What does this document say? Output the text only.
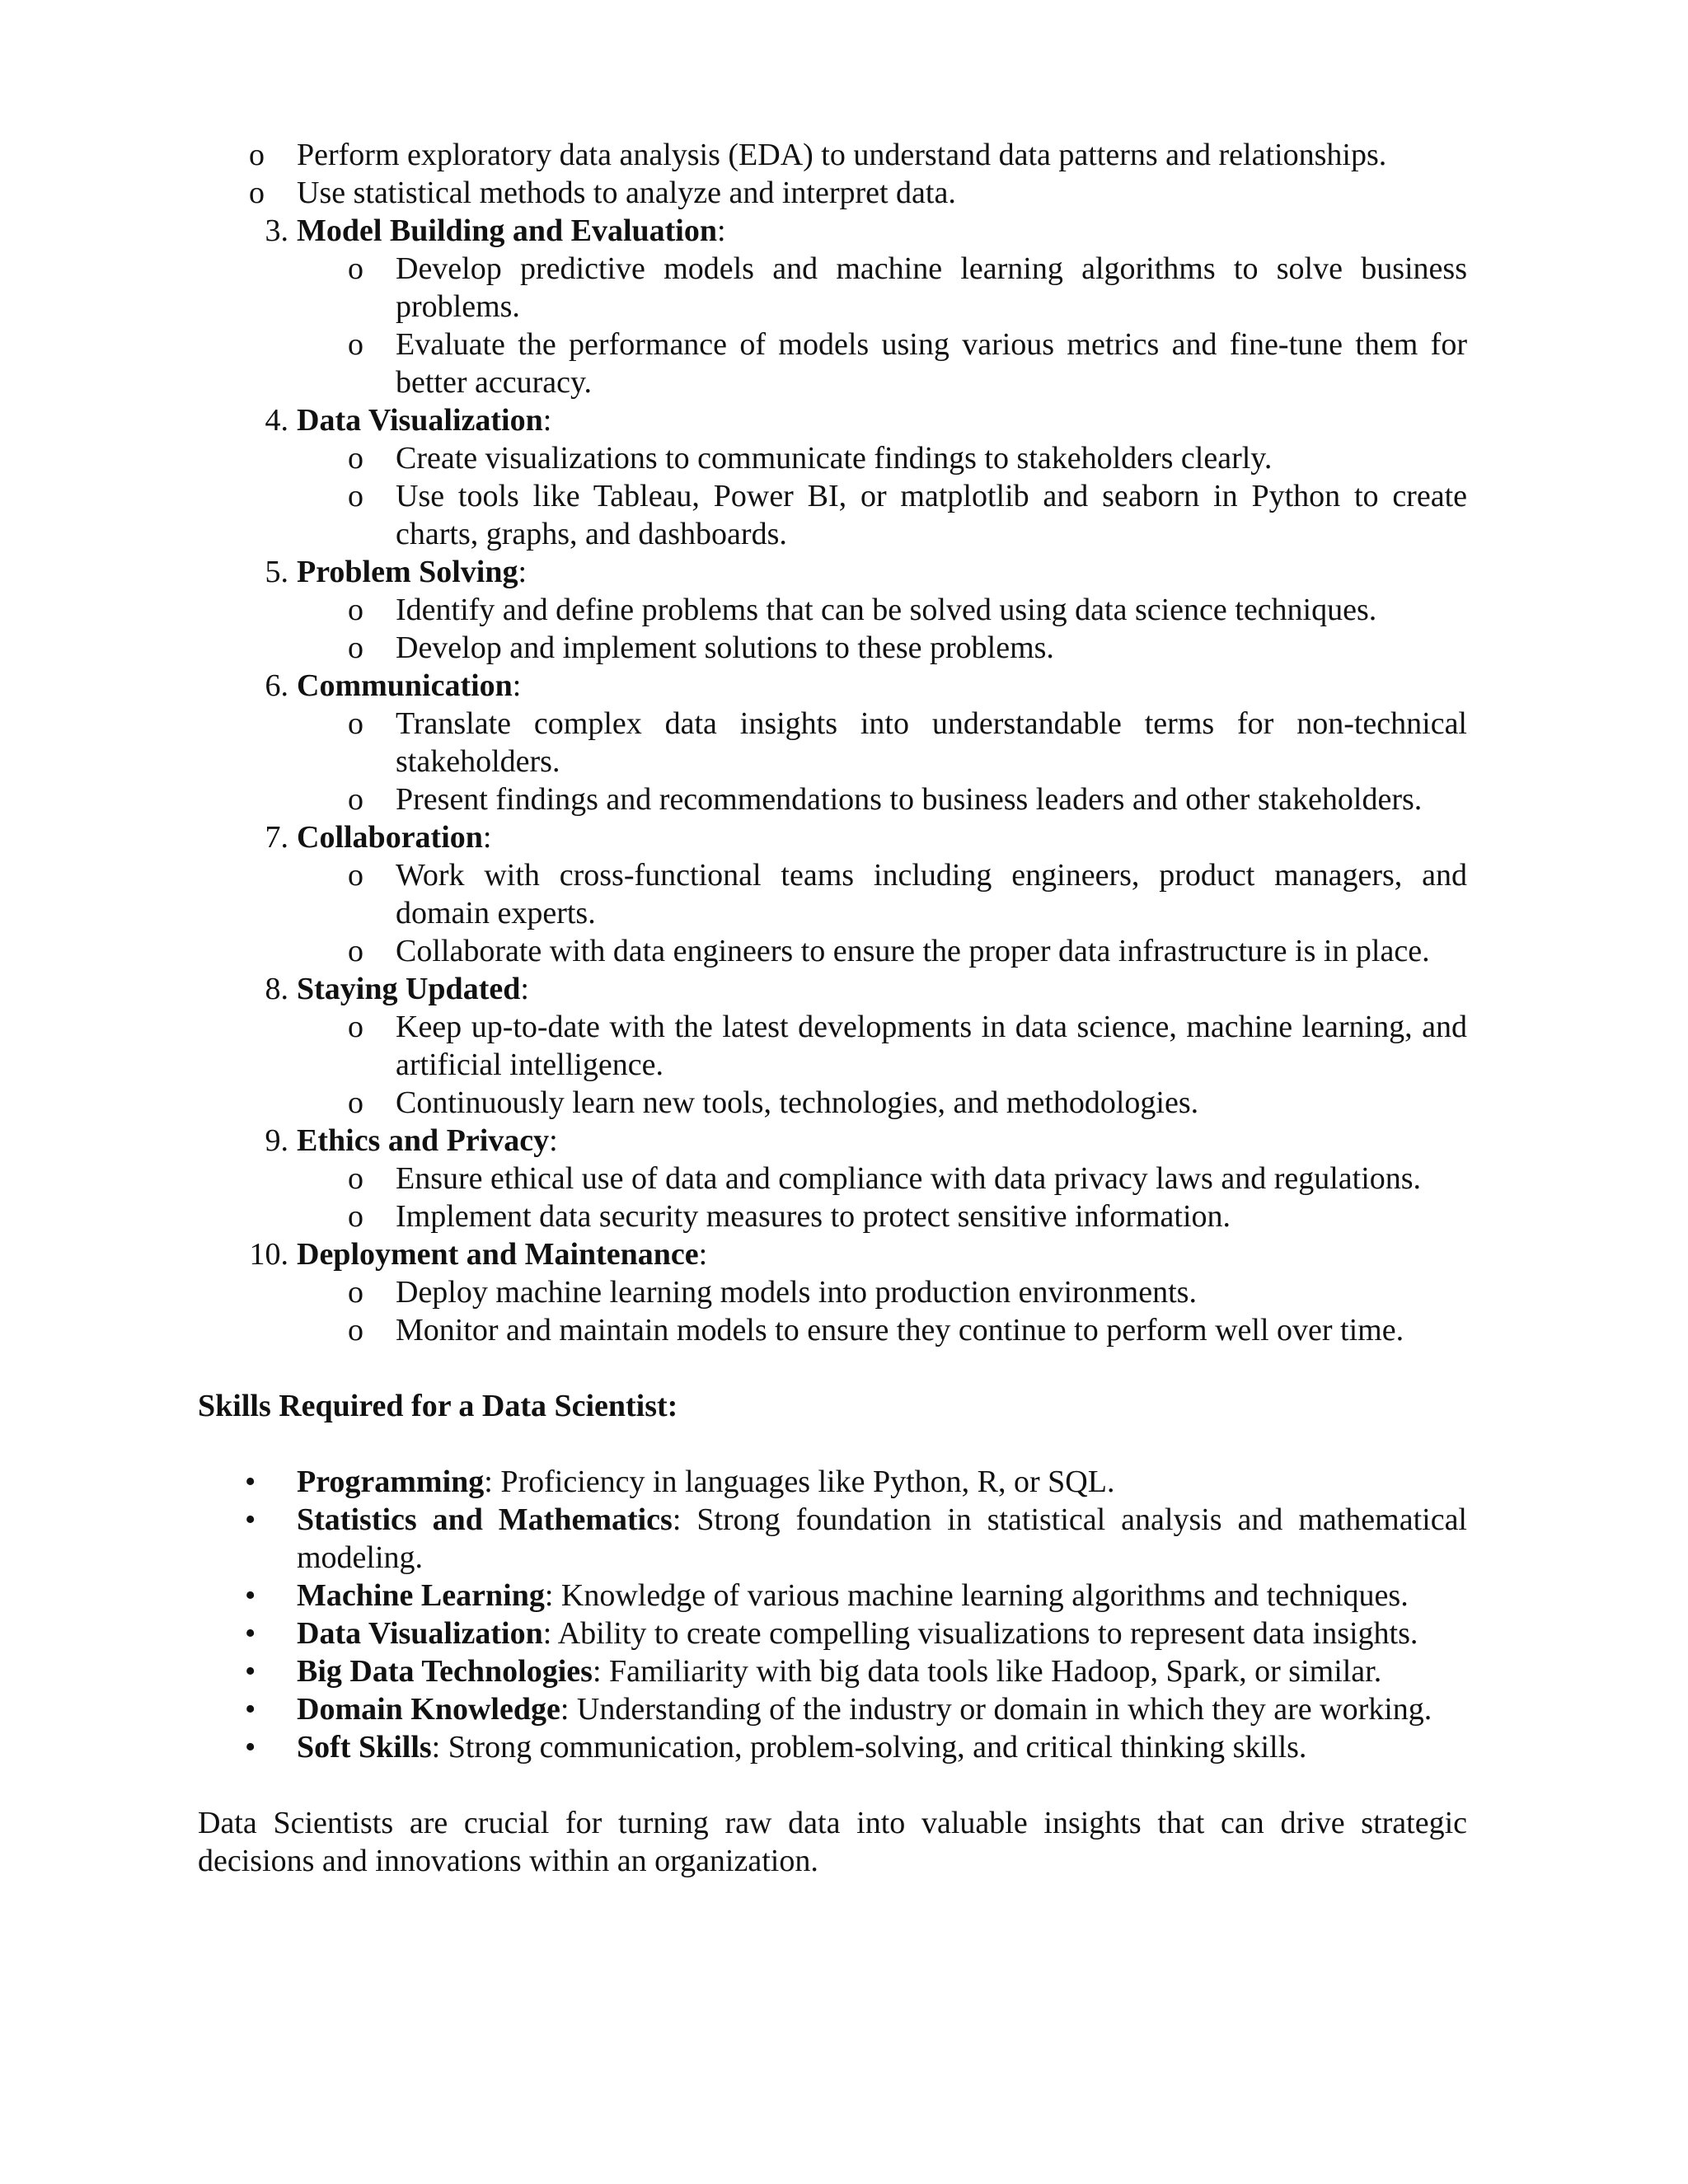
o Perform exploratory data analysis (EDA) to understand data patterns and relationships.
o Use statistical methods to analyze and interpret data.
3. Model Building and Evaluation:
o Develop predictive models and machine learning algorithms to solve business problems.
o Evaluate the performance of models using various metrics and fine-tune them for better accuracy.
4. Data Visualization:
o Create visualizations to communicate findings to stakeholders clearly.
o Use tools like Tableau, Power BI, or matplotlib and seaborn in Python to create charts, graphs, and dashboards.
5. Problem Solving:
o Identify and define problems that can be solved using data science techniques.
o Develop and implement solutions to these problems.
6. Communication:
o Translate complex data insights into understandable terms for non-technical stakeholders.
o Present findings and recommendations to business leaders and other stakeholders.
7. Collaboration:
o Work with cross-functional teams including engineers, product managers, and domain experts.
o Collaborate with data engineers to ensure the proper data infrastructure is in place.
8. Staying Updated:
o Keep up-to-date with the latest developments in data science, machine learning, and artificial intelligence.
o Continuously learn new tools, technologies, and methodologies.
9. Ethics and Privacy:
o Ensure ethical use of data and compliance with data privacy laws and regulations.
o Implement data security measures to protect sensitive information.
10. Deployment and Maintenance:
o Deploy machine learning models into production environments.
o Monitor and maintain models to ensure they continue to perform well over time.
Skills Required for a Data Scientist:
• Programming: Proficiency in languages like Python, R, or SQL.
• Statistics and Mathematics: Strong foundation in statistical analysis and mathematical modeling.
• Machine Learning: Knowledge of various machine learning algorithms and techniques.
• Data Visualization: Ability to create compelling visualizations to represent data insights.
• Big Data Technologies: Familiarity with big data tools like Hadoop, Spark, or similar.
• Domain Knowledge: Understanding of the industry or domain in which they are working.
• Soft Skills: Strong communication, problem-solving, and critical thinking skills.

Data Scientists are crucial for turning raw data into valuable insights that can drive strategic decisions and innovations within an organization.
